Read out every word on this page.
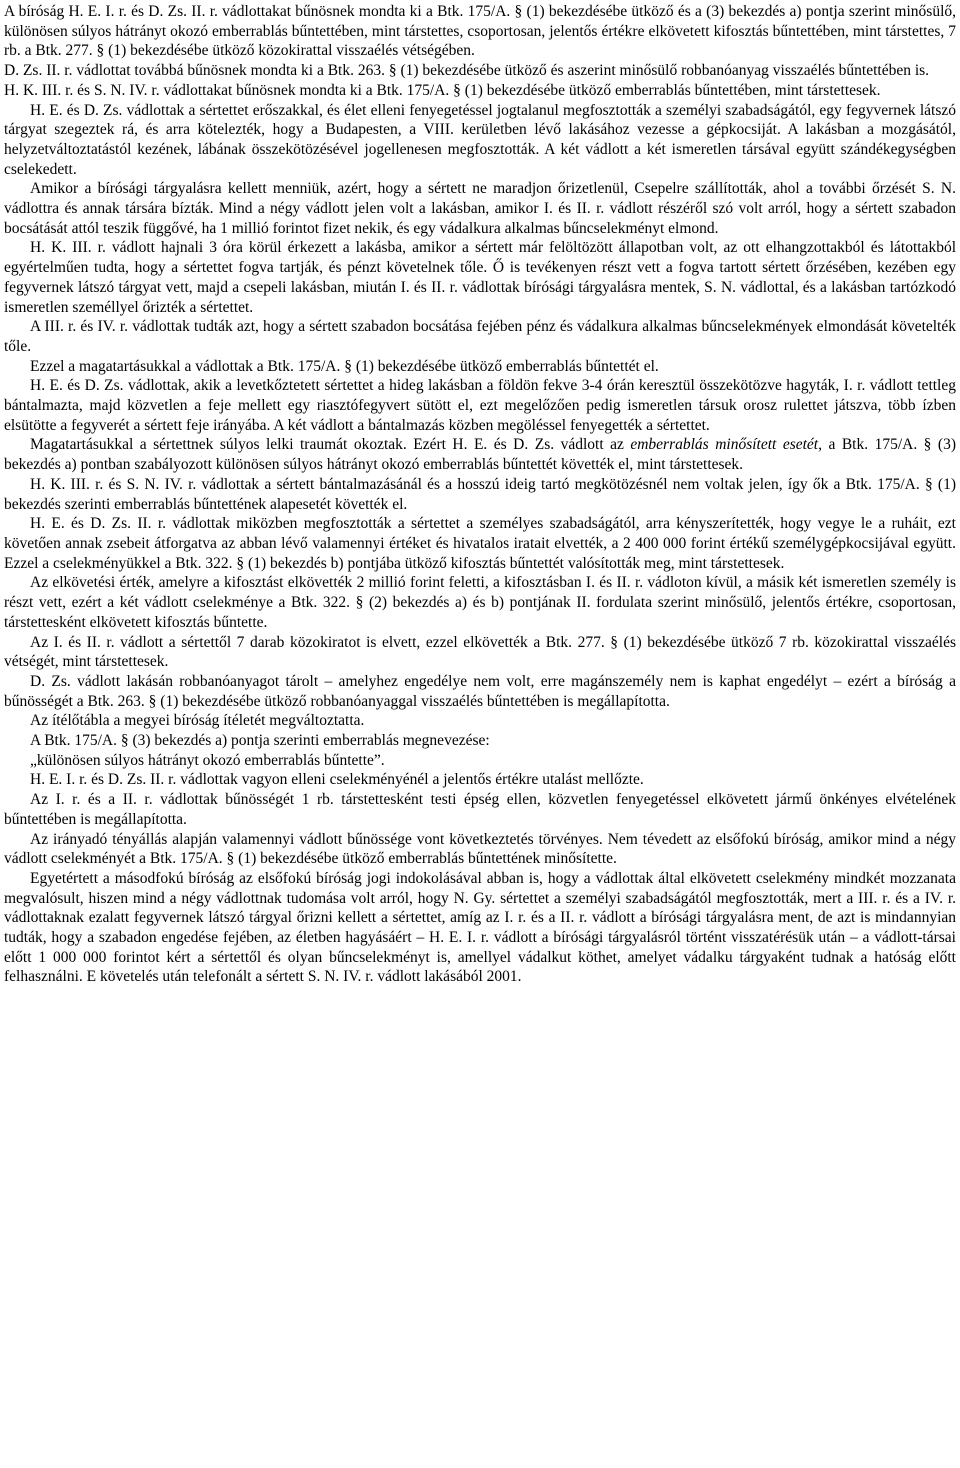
A bíróság H. E. I. r. és D. Zs. II. r. vádlottakat bűnösnek mondta ki a Btk. 175/A. § (1) bekezdésébe ütköző és a (3) bekezdés a) pontja szerint minősülő, különösen súlyos hátrányt okozó emberrablás bűntettében, mint társtettes, csoportosan, jelentős értékre elkövetett kifosztás bűntettében, mint társtettes, 7 rb. a Btk. 277. § (1) bekezdésébe ütköző közokirattal visszaélés vétségében.

D. Zs. II. r. vádlottat továbbá bűnösnek mondta ki a Btk. 263. § (1) bekezdésébe ütköző és aszerint minősülő robbanóanyag visszaélés bűntettében is.

H. K. III. r. és S. N. IV. r. vádlottakat bűnösnek mondta ki a Btk. 175/A. § (1) bekezdésébe ütköző emberrablás bűntettében, mint társtettesek.

H. E. és D. Zs. vádlottak a sértettet erőszakkal, és élet elleni fenyegetéssel jogtalanul megfosztották a személyi szabadságától, egy fegyvernek látszó tárgyat szegeztek rá, és arra kötelezték, hogy a Budapesten, a VIII. kerületben lévő lakásához vezesse a gépkocsiját. A lakásban a mozgásától, helyzetváltoztatástól kezének, lábának összekötözésével jogellenesen megfosztották. A két vádlott a két ismeretlen társával együtt szándékegységben cselekedett.

Amikor a bírósági tárgyalásra kellett menniük, azért, hogy a sértett ne maradjon őrizetlenül, Csepelre szállították, ahol a további őrzését S. N. vádlottra és annak társára bízták. Mind a négy vádlott jelen volt a lakásban, amikor I. és II. r. vádlott részéről szó volt arról, hogy a sértett szabadon bocsátását attól teszik függővé, ha 1 millió forintot fizet nekik, és egy vádalkura alkalmas bűncselekményt elmond.

H. K. III. r. vádlott hajnali 3 óra körül érkezett a lakásba, amikor a sértett már felöltözött állapotban volt, az ott elhangzottakból és látottakból egyértelműen tudta, hogy a sértettet fogva tartják, és pénzt követelnek tőle. Ő is tevékenyen részt vett a fogva tartott sértett őrzésében, kezében egy fegyvernek látszó tárgyat vett, majd a csepeli lakásban, miután I. és II. r. vádlottak bírósági tárgyalásra mentek, S. N. vádlottal, és a lakásban tartózkodó ismeretlen személlyel őrizték a sértettet.

A III. r. és IV. r. vádlottak tudták azt, hogy a sértett szabadon bocsátása fejében pénz és vádalkura alkalmas bűncselekmények elmondását követelték tőle.

Ezzel a magatartásukkal a vádlottak a Btk. 175/A. § (1) bekezdésébe ütköző emberrablás bűntettét el.

H. E. és D. Zs. vádlottak, akik a levetkőztetett sértettet a hideg lakásban a földön fekve 3-4 órán keresztül összekötözve hagyták, I. r. vádlott tettleg bántalmazta, majd közvetlen a feje mellett egy riasztófegyvert sütött el, ezt megelőzően pedig ismeretlen társuk orosz rulettet játszva, több ízben elsütötte a fegyverét a sértett feje irányába. A két vádlott a bántalmazás közben megöléssel fenyegették a sértettet.

Magatartásukkal a sértettnek súlyos lelki traumát okoztak. Ezért H. E. és D. Zs. vádlott az emberrablás minősített esetét, a Btk. 175/A. § (3) bekezdés a) pontban szabályozott különösen súlyos hátrányt okozó emberrablás bűntettét követték el, mint társtettesek.

H. K. III. r. és S. N. IV. r. vádlottak a sértett bántalmazásánál és a hosszú ideig tartó megkötözésnél nem voltak jelen, így ők a Btk. 175/A. § (1) bekezdés szerinti emberrablás bűntettének alapesetét követték el.

H. E. és D. Zs. II. r. vádlottak miközben megfosztották a sértettet a személyes szabadságától, arra kényszerítették, hogy vegye le a ruháit, ezt követően annak zsebeit átforgatva az abban lévő valamennyi értéket és hivatalos iratait elvették, a 2 400 000 forint értékű személygépkocsijával együtt. Ezzel a cselekményükkel a Btk. 322. § (1) bekezdés b) pontjába ütköző kifosztás bűntettét valósították meg, mint társtettesek.

Az elkövetési érték, amelyre a kifosztást elkövették 2 millió forint feletti, a kifosztásban I. és II. r. vádloton kívül, a másik két ismeretlen személy is részt vett, ezért a két vádlott cselekménye a Btk. 322. § (2) bekezdés a) és b) pontjának II. fordulata szerint minősülő, jelentős értékre, csoportosan, társtettesként elkövetett kifosztás bűntette.

Az I. és II. r. vádlott a sértettől 7 darab közokiratot is elvett, ezzel elkövették a Btk. 277. § (1) bekezdésébe ütköző 7 rb. közokirattal visszaélés vétségét, mint társtettesek.

D. Zs. vádlott lakásán robbanóanyagot tárolt – amelyhez engedélye nem volt, erre magánszemély nem is kaphat engedélyt – ezért a bíróság a bűnösségét a Btk. 263. § (1) bekezdésébe ütköző robbanóanyaggal visszaélés bűntettében is megállapította.

Az ítélőtábla a megyei bíróság ítéletét megváltoztatta.

A Btk. 175/A. § (3) bekezdés a) pontja szerinti emberrablás megnevezése:

„különösen súlyos hátrányt okozó emberrablás bűntette”.

H. E. I. r. és D. Zs. II. r. vádlottak vagyon elleni cselekményénél a jelentős értékre utalást mellőzte.

Az I. r. és a II. r. vádlottak bűnösségét 1 rb. társtettesként testi épség ellen, közvetlen fenyegetéssel elkövetett jármű önkényes elvételének bűntettében is megállapította.

Az irányadó tényállás alapján valamennyi vádlott bűnössége vont következtetés törvényes. Nem tévedett az elsőfokú bíróság, amikor mind a négy vádlott cselekményét a Btk. 175/A. § (1) bekezdésébe ütköző emberrablás bűntettének minősítette.

Egyetértett a másodfokú bíróság az elsőfokú bíróság jogi indokolásával abban is, hogy a vádlottak által elkövetett cselekmény mindkét mozzanata megvalósult, hiszen mind a négy vádlottnak tudomása volt arról, hogy N. Gy. sértettet a személyi szabadságától megfosztották, mert a III. r. és a IV. r. vádlottaknak ezalatt fegyvernek látszó tárgyal őrizni kellett a sértettet, amíg az I. r. és a II. r. vádlott a bírósági tárgyalásra ment, de azt is mindannyian tudták, hogy a szabadon engedése fejében, az életben hagyásáért – H. E. I. r. vádlott a bírósági tárgyalásról történt visszatérésük után – a vádlott-társai előtt 1 000 000 forintot kért a sértettől és olyan bűncselekményt is, amellyel vádalkut köthet, amelyet vádalku tárgyaként tudnak a hatóság előtt felhasználni. E követelés után telefonált a sértett S. N. IV. r. vádlott lakásából 2001.
